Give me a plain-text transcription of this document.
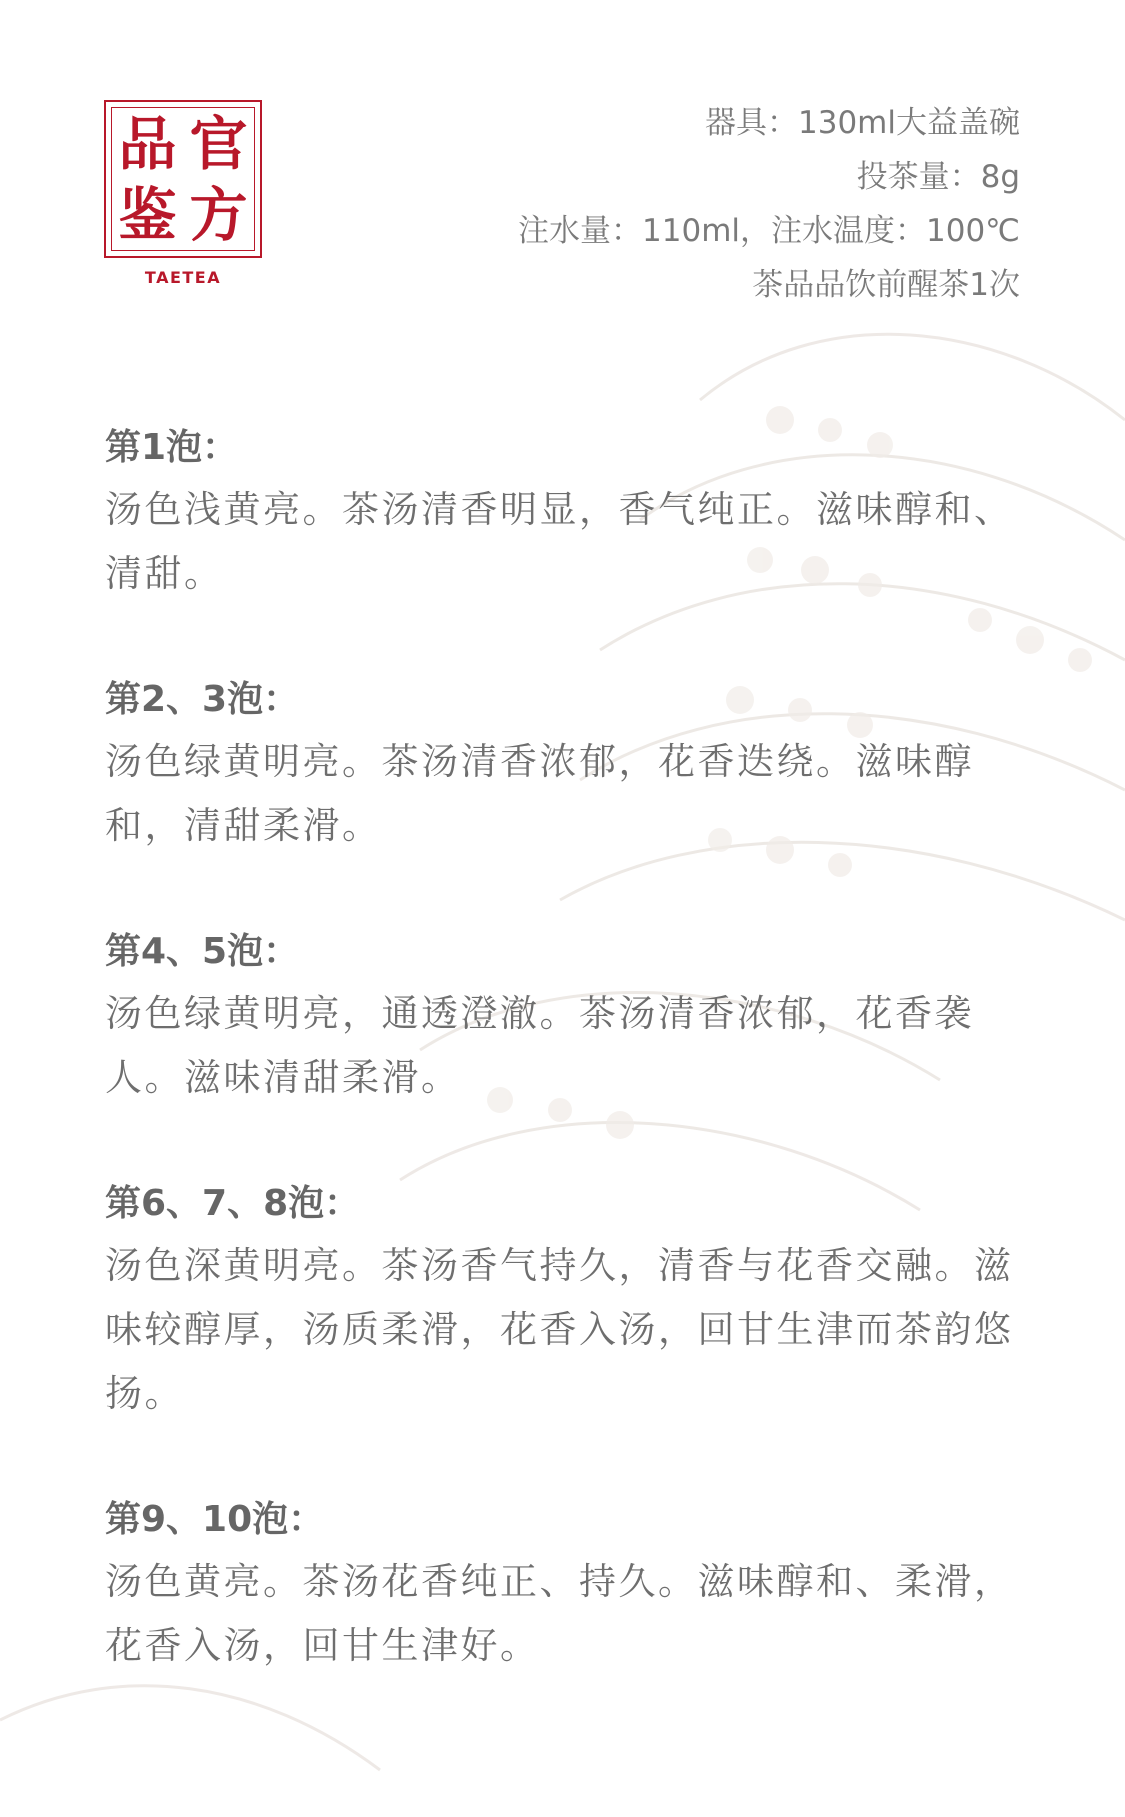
品 官
鉴 方
TAETEA
器具：130ml大益盖碗
投茶量：8g
注水量：110ml，注水温度：100℃
茶品品饮前醒茶1次
第1泡：
汤色浅黄亮。茶汤清香明显，香气纯正。滋味醇和、清甜。
第2、3泡：
汤色绿黄明亮。茶汤清香浓郁，花香迭绕。滋味醇和，清甜柔滑。
第4、5泡：
汤色绿黄明亮，通透澄澈。茶汤清香浓郁，花香袭人。滋味清甜柔滑。
第6、7、8泡：
汤色深黄明亮。茶汤香气持久，清香与花香交融。滋味较醇厚，汤质柔滑，花香入汤，回甘生津而茶韵悠扬。
第9、10泡：
汤色黄亮。茶汤花香纯正、持久。滋味醇和、柔滑，花香入汤，回甘生津好。
